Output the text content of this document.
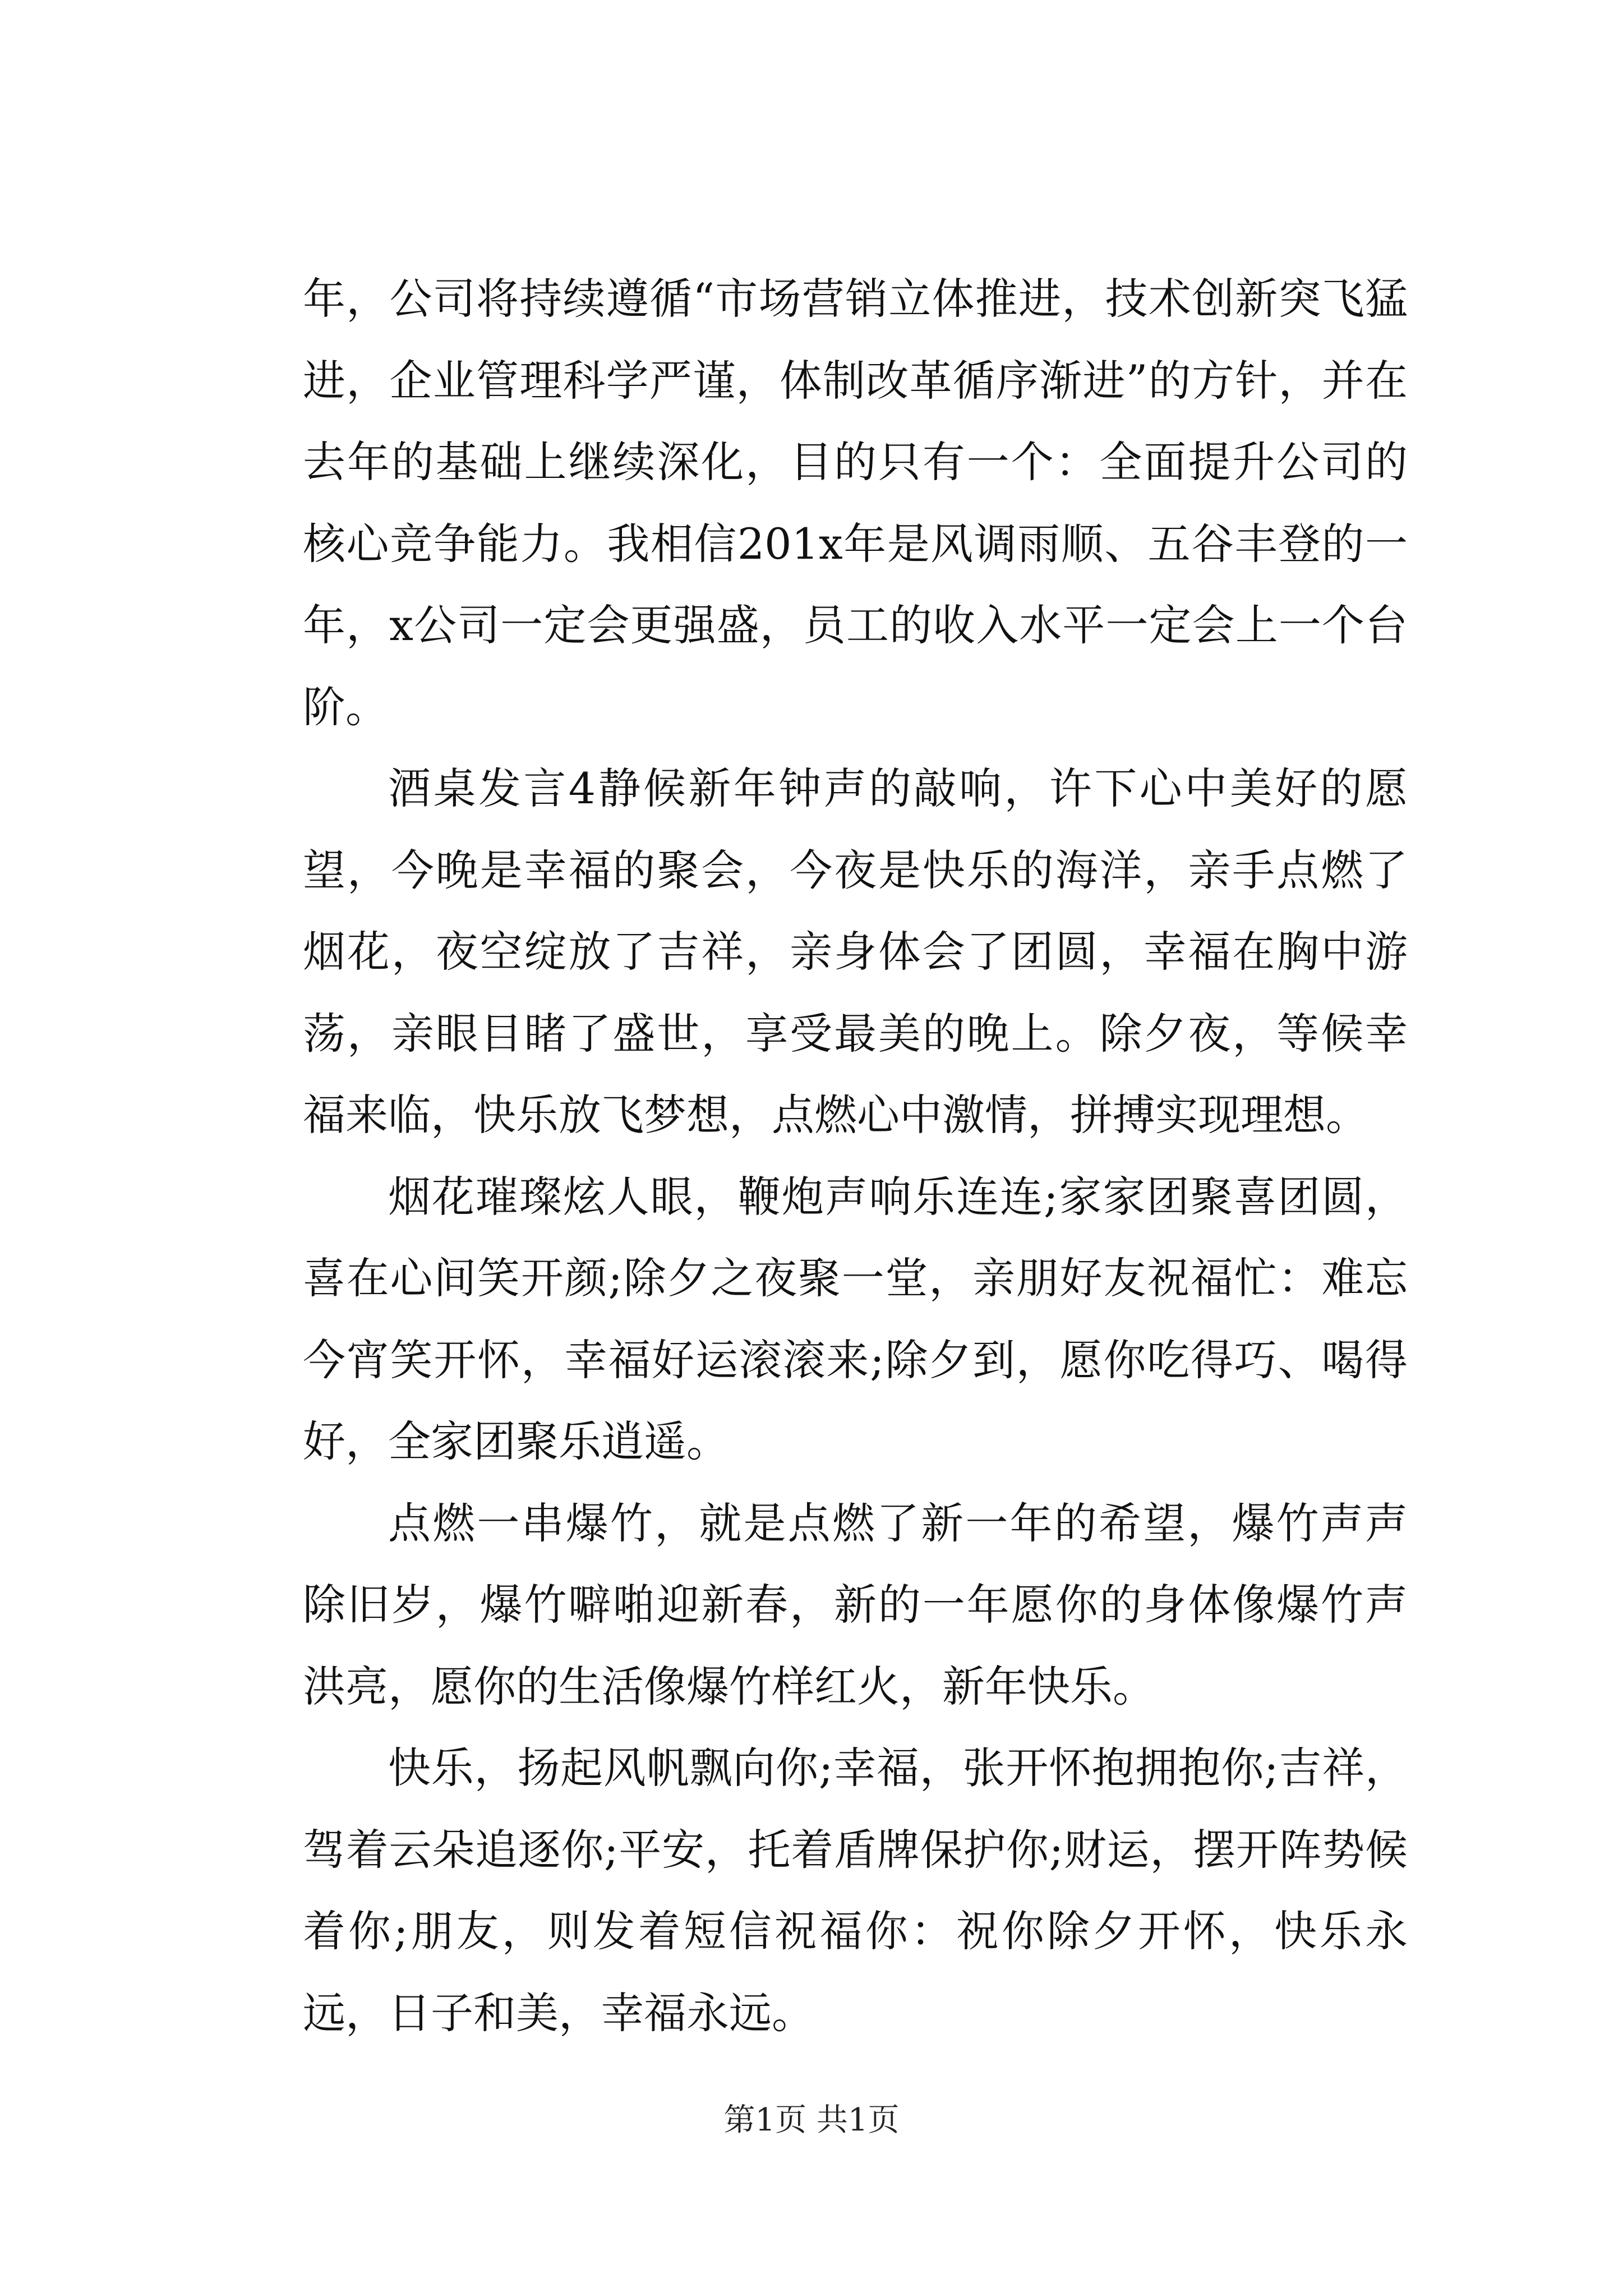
年，公司将持续遵循“市场营销立体推进，技术创新突飞猛进，企业管理科学严谨，体制改革循序渐进”的方针，并在去年的基础上继续深化，目的只有一个：全面提升公司的核心竞争能力。我相信201x年是风调雨顺、五谷丰登的一年，x公司一定会更强盛，员工的收入水平一定会上一个台阶。

酒桌发言4静候新年钟声的敲响，许下心中美好的愿望，今晚是幸福的聚会，今夜是快乐的海洋，亲手点燃了烟花，夜空绽放了吉祥，亲身体会了团圆，幸福在胸中游荡，亲眼目睹了盛世，享受最美的晚上。除夕夜，等候幸福来临，快乐放飞梦想，点燃心中激情，拼搏实现理想。

烟花璀璨炫人眼，鞭炮声响乐连连;家家团聚喜团圆，喜在心间笑开颜;除夕之夜聚一堂，亲朋好友祝福忙：难忘今宵笑开怀，幸福好运滚滚来;除夕到，愿你吃得巧、喝得好，全家团聚乐逍遥。

点燃一串爆竹，就是点燃了新一年的希望，爆竹声声除旧岁，爆竹噼啪迎新春，新的一年愿你的身体像爆竹声洪亮，愿你的生活像爆竹样红火，新年快乐。

快乐，扬起风帆飘向你;幸福，张开怀抱拥抱你;吉祥，驾着云朵追逐你;平安，托着盾牌保护你;财运，摆开阵势候着你;朋友，则发着短信祝福你：祝你除夕开怀，快乐永远，日子和美，幸福永远。

第1页 共1页
